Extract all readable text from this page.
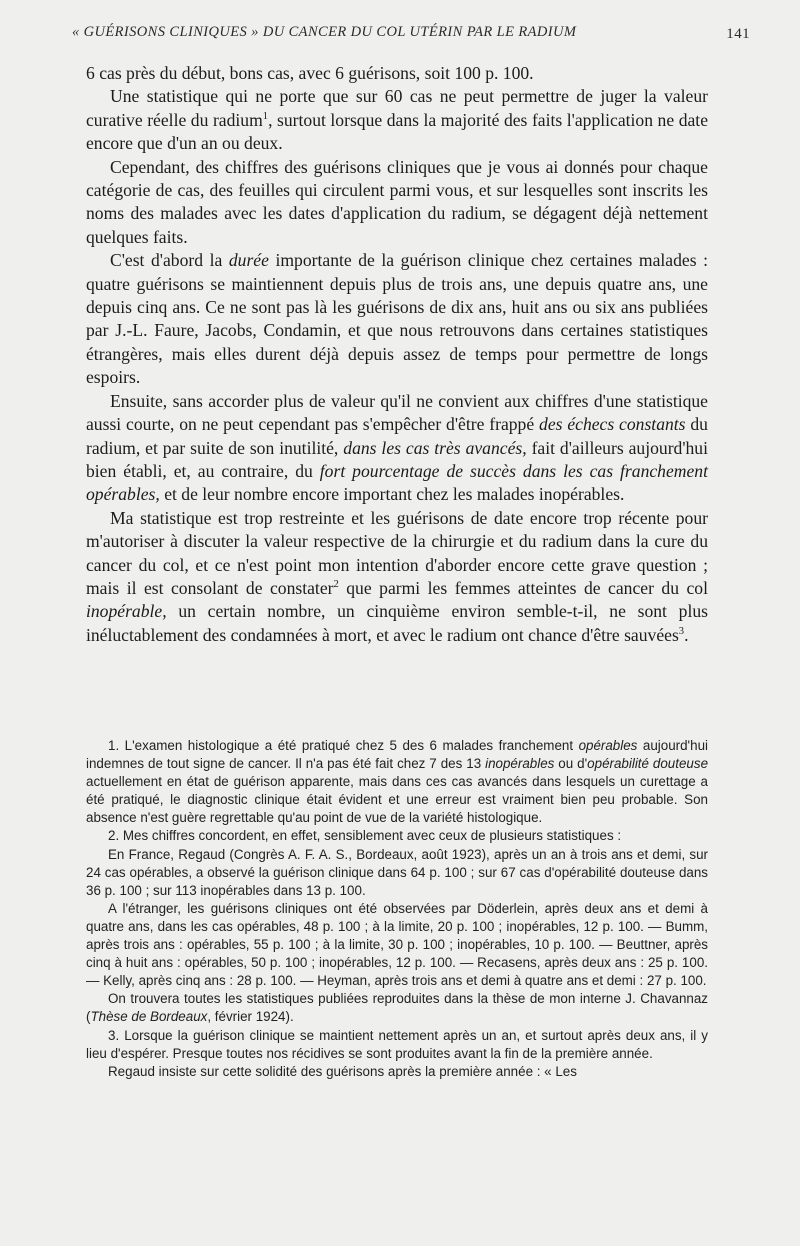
« GUÉRISONS CLINIQUES » DU CANCER DU COL UTÉRIN PAR LE RADIUM	141

6 cas près du début, bons cas, avec 6 guérisons, soit 100 p. 100.

Une statistique qui ne porte que sur 60 cas ne peut permettre de juger la valeur curative réelle du radium$^1$, surtout lorsque dans la majorité des faits l'application ne date encore que d'un an ou deux.

Cependant, des chiffres des guérisons cliniques que je vous ai donnés pour chaque catégorie de cas, des feuilles qui circulent parmi vous, et sur lesquelles sont inscrits les noms des malades avec les dates d'application du radium, se dégagent déjà nettement quelques faits.

C'est d'abord la durée importante de la guérison clinique chez certaines malades : quatre guérisons se maintiennent depuis plus de trois ans, une depuis quatre ans, une depuis cinq ans. Ce ne sont pas là les guérisons de dix ans, huit ans ou six ans publiées par J.-L. Faure, Jacobs, Condamin, et que nous retrouvons dans certaines statistiques étrangères, mais elles durent déjà depuis assez de temps pour permettre de longs espoirs.

Ensuite, sans accorder plus de valeur qu'il ne convient aux chiffres d'une statistique aussi courte, on ne peut cependant pas s'empêcher d'être frappé des échecs constants du radium, et par suite de son inutilité, dans les cas très avancés, fait d'ailleurs aujourd'hui bien établi, et, au contraire, du fort pourcentage de succès dans les cas franchement opérables, et de leur nombre encore important chez les malades inopérables.

Ma statistique est trop restreinte et les guérisons de date encore trop récente pour m'autoriser à discuter la valeur respective de la chirurgie et du radium dans la cure du cancer du col, et ce n'est point mon intention d'aborder encore cette grave question ; mais il est consolant de constater$^2$ que parmi les femmes atteintes de cancer du col inopérable, un certain nombre, un cinquième environ semble-t-il, ne sont plus inéluctablement des condamnées à mort, et avec le radium ont chance d'être sauvées$^3$.

1. L'examen histologique a été pratiqué chez 5 des 6 malades franchement opérables aujourd'hui indemnes de tout signe de cancer. Il n'a pas été fait chez 7 des 13 inopérables ou d'opérabilité douteuse actuellement en état de guérison apparente, mais dans ces cas avancés dans lesquels un curettage a été pratiqué, le diagnostic clinique était évident et une erreur est vraiment bien peu probable. Son absence n'est guère regrettable qu'au point de vue de la variété histologique.

2. Mes chiffres concordent, en effet, sensiblement avec ceux de plusieurs statistiques :

En France, Regaud (Congrès A. F. A. S., Bordeaux, août 1923), après un an à trois ans et demi, sur 24 cas opérables, a observé la guérison clinique dans 64 p. 100 ; sur 67 cas d'opérabilité douteuse dans 36 p. 100 ; sur 113 inopérables dans 13 p. 100.

A l'étranger, les guérisons cliniques ont été observées par Döderlein, après deux ans et demi à quatre ans, dans les cas opérables, 48 p. 100 ; à la limite, 20 p. 100 ; inopérables, 12 p. 100. — Bumm, après trois ans : opérables, 55 p. 100 ; à la limite, 30 p. 100 ; inopérables, 10 p. 100. — Beuttner, après cinq à huit ans : opérables, 50 p. 100 ; inopérables, 12 p. 100. — Recasens, après deux ans : 25 p. 100. — Kelly, après cinq ans : 28 p. 100. — Heyman, après trois ans et demi à quatre ans et demi : 27 p. 100.

On trouvera toutes les statistiques publiées reproduites dans la thèse de mon interne J. Chavannaz (Thèse de Bordeaux, février 1924).

3. Lorsque la guérison clinique se maintient nettement après un an, et surtout après deux ans, il y lieu d'espérer. Presque toutes nos récidives se sont produites avant la fin de la première année.

Regaud insiste sur cette solidité des guérisons après la première année : « Les
